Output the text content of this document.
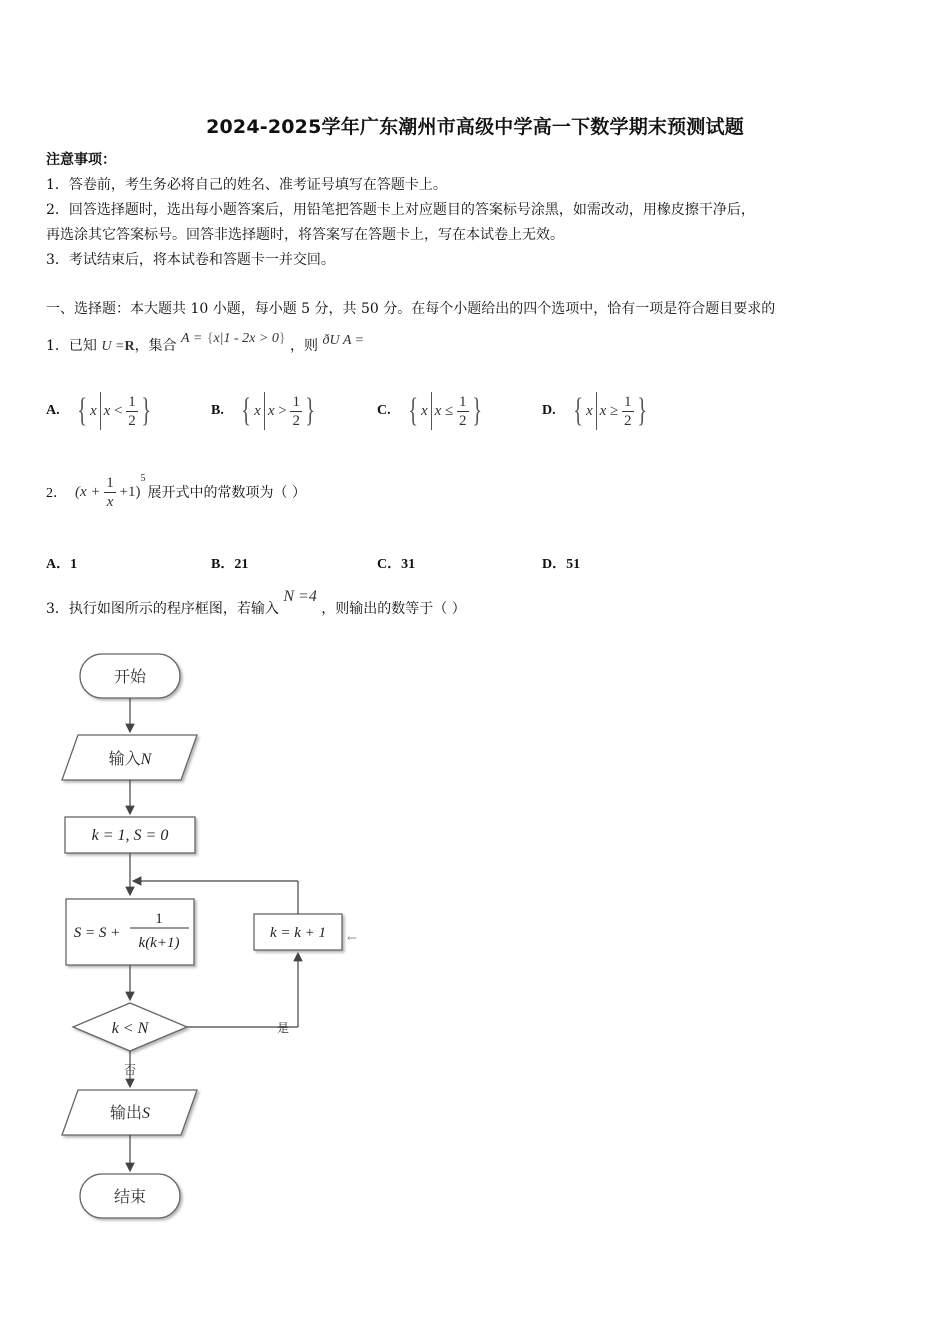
2024-2025学年广东潮州市高级中学高一下数学期末预测试题
注意事项：
1．答卷前，考生务必将自己的姓名、准考证号填写在答题卡上。
2．回答选择题时，选出每小题答案后，用铅笔把答题卡上对应题目的答案标号涂黑，如需改动，用橡皮擦干净后，
再选涂其它答案标号。回答非选择题时，将答案写在答题卡上，写在本试卷上无效。
3．考试结束后，将本试卷和答题卡一并交回。
一、选择题：本大题共 10 小题，每小题 5 分，共 50 分。在每个小题给出的四个选项中，恰有一项是符合题目要求的
1．已知 U =R，集合 A = {x|1 - 2x > 0} ，则 ðU A =
A. { x x
<
$\frac{1}{2}$ }	B. { x x
>
$\frac{1}{2}$ }	C. { x x
≤
$\frac{1}{2}$ }	D. { x x
≥
$\frac{1}{2}$ }
2． $(x + \frac{1}{x} +1)^5$
展开式中的常数项为（ ）
A．1	B．21	C．31	D．51
3．执行如图所示的程序框图，若输入 N =4 ，则输出的数等于（ ）
开始
输入N
k = 1, S = 0
S = S +
1
k(k+1)
k < N	是
k = k + 1 ←
否
输出S
结束
